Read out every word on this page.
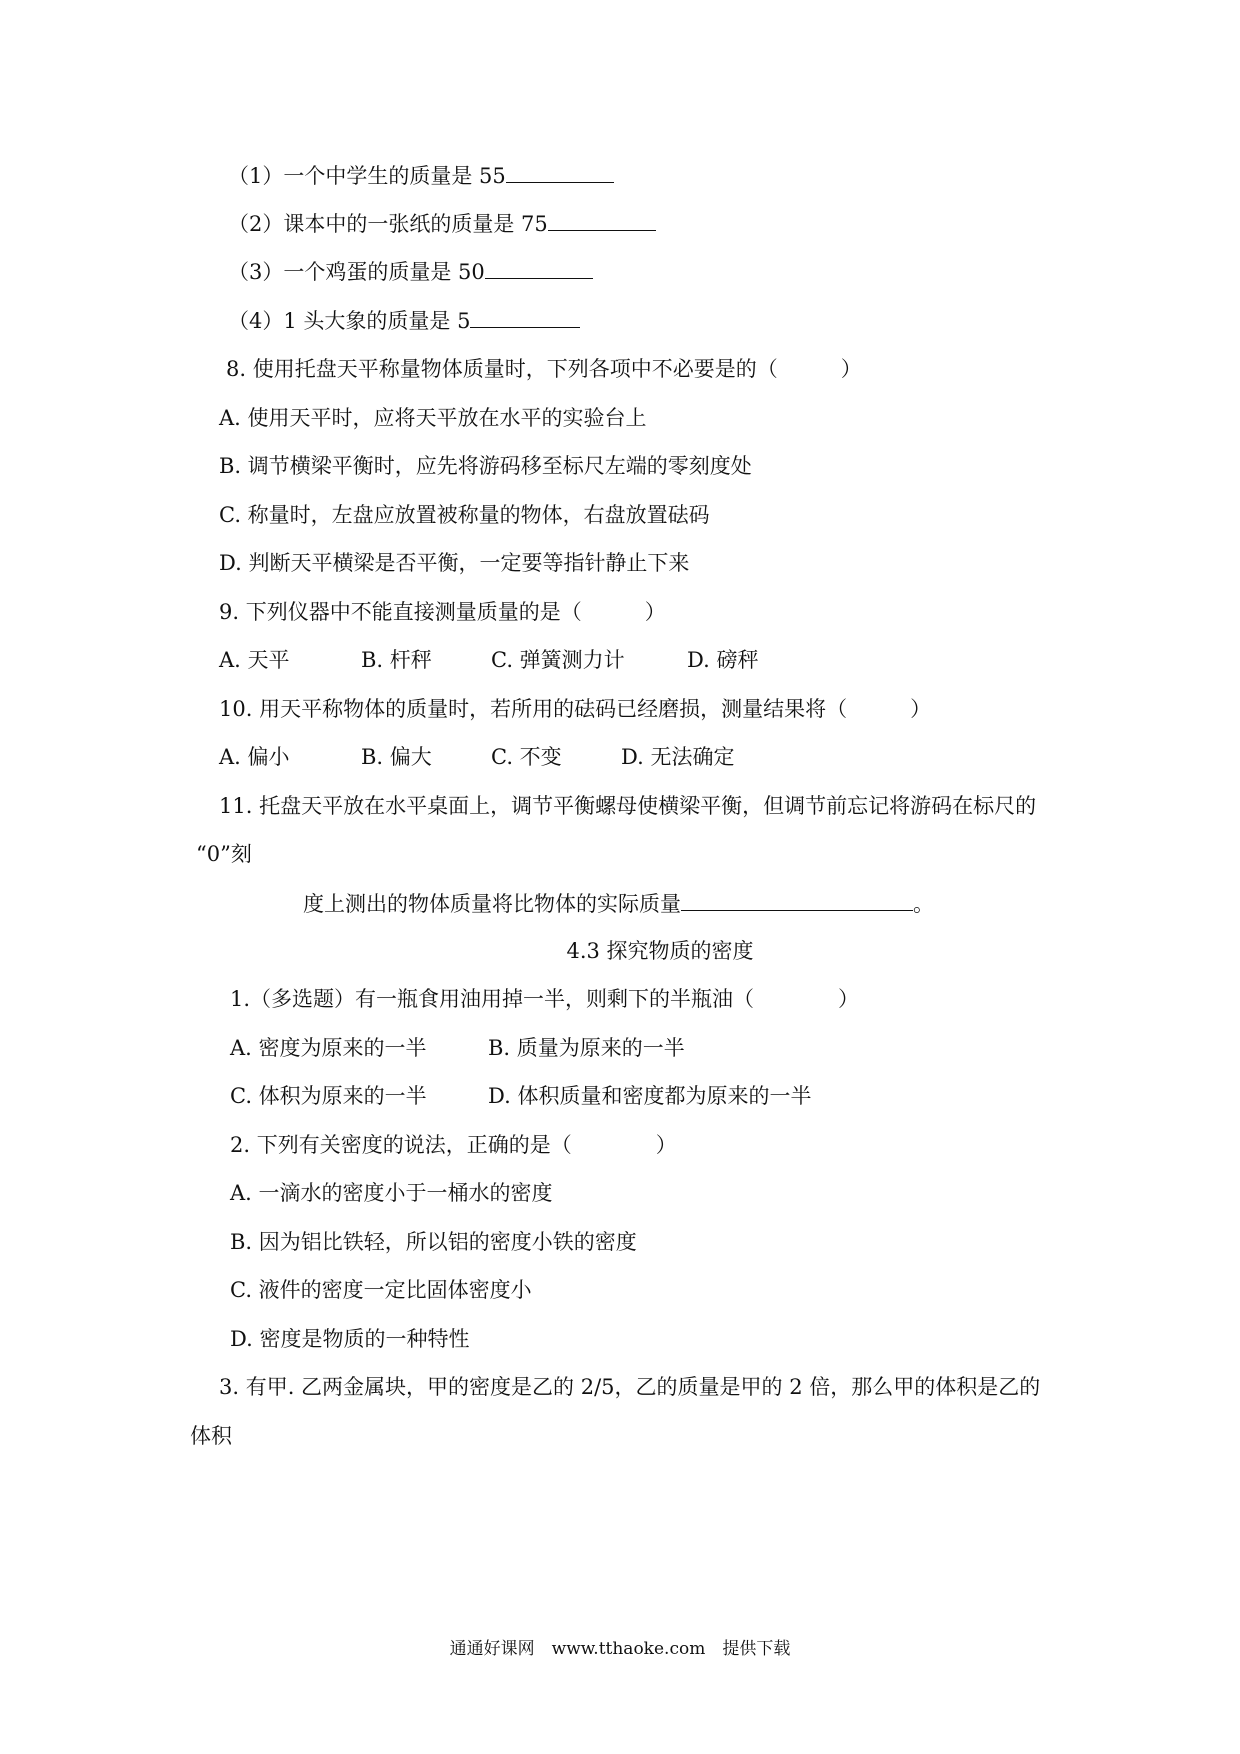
（1）一个中学生的质量是 55
（2）课本中的一张纸的质量是 75
（3）一个鸡蛋的质量是 50
（4）1 头大象的质量是 5
8. 使用托盘天平称量物体质量时，下列各项中不必要是的（　　　）
A. 使用天平时，应将天平放在水平的实验台上
B. 调节横梁平衡时，应先将游码移至标尺左端的零刻度处
C. 称量时，左盘应放置被称量的物体，右盘放置砝码
D. 判断天平横梁是否平衡，一定要等指针静止下来
9. 下列仪器中不能直接测量质量的是（　　　）
A. 天平	B. 杆秤	C. 弹簧测力计	D. 磅秤
10. 用天平称物体的质量时，若所用的砝码已经磨损，测量结果将（　　　）
A. 偏小	B. 偏大	C. 不变	D. 无法确定
11. 托盘天平放在水平桌面上，调节平衡螺母使横梁平衡，但调节前忘记将游码在标尺的
“0”刻
度上测出的物体质量将比物体的实际质量	。
4.3 探究物质的密度
1.（多选题）有一瓶食用油用掉一半，则剩下的半瓶油（　　　　）
A. 密度为原来的一半	B. 质量为原来的一半
C. 体积为原来的一半	D. 体积质量和密度都为原来的一半
2. 下列有关密度的说法，正确的是（　　　　）
A. 一滴水的密度小于一桶水的密度
B. 因为铝比铁轻，所以铝的密度小铁的密度
C. 液件的密度一定比固体密度小
D. 密度是物质的一种特性
3. 有甲. 乙两金属块，甲的密度是乙的 2/5，乙的质量是甲的 2 倍，那么甲的体积是乙的
体积
通通好课网　www.tthaoke.com　提供下载
